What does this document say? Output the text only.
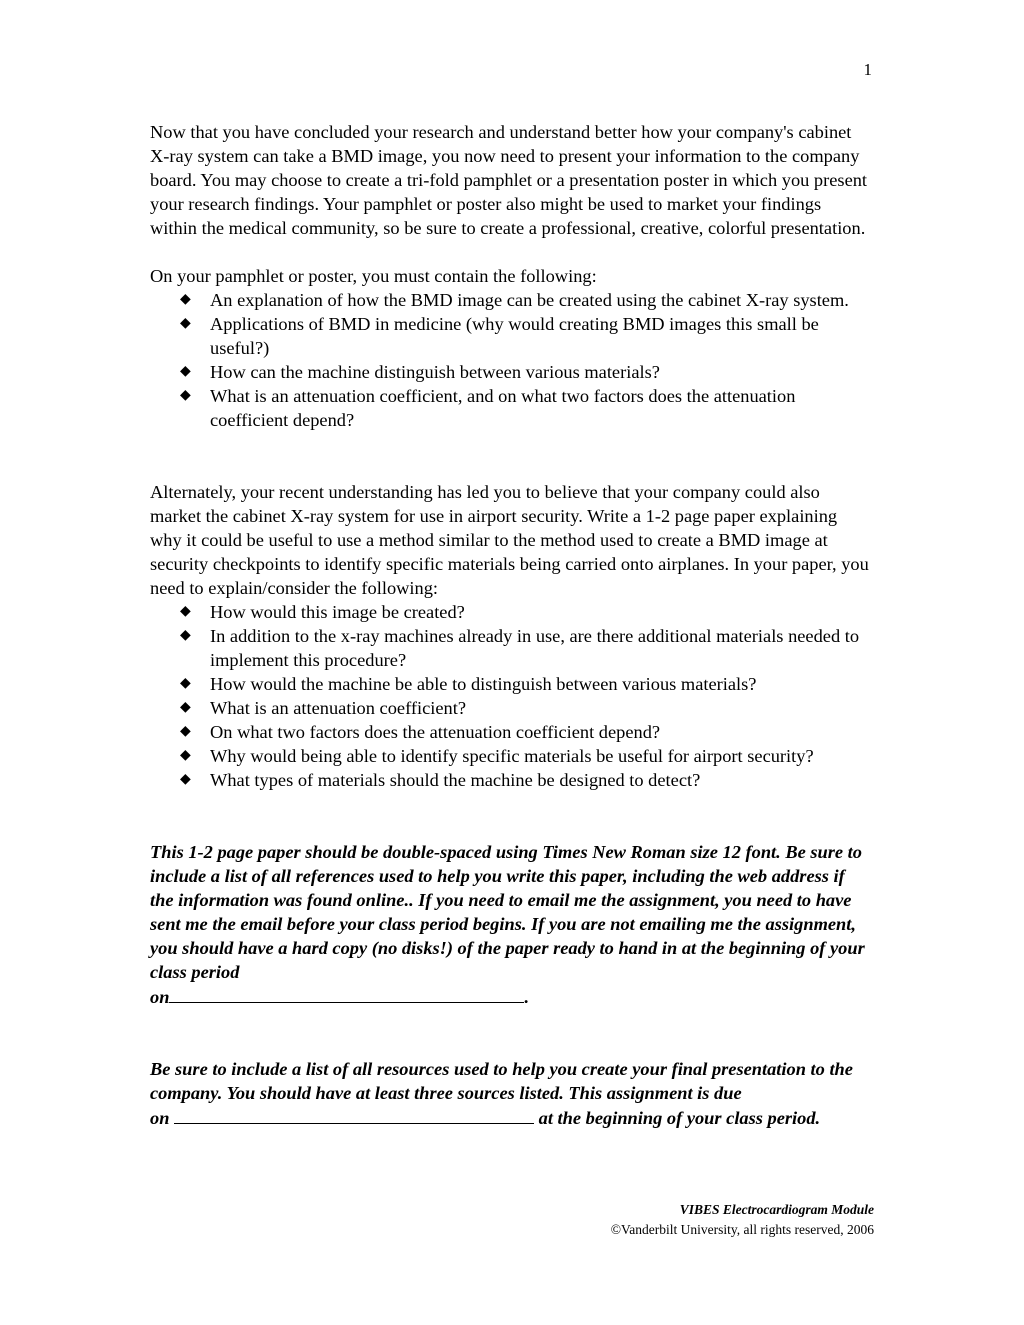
1

Now that you have concluded your research and understand better how your company's cabinet X-ray system can take a BMD image, you now need to present your information to the company board. You may choose to create a tri-fold pamphlet or a presentation poster in which you present your research findings. Your pamphlet or poster also might be used to market your findings within the medical community, so be sure to create a professional, creative, colorful presentation.

On your pamphlet or poster, you must contain the following:

◆ An explanation of how the BMD image can be created using the cabinet X-ray system.
◆ Applications of BMD in medicine (why would creating BMD images this small be useful?)
◆ How can the machine distinguish between various materials?
◆ What is an attenuation coefficient, and on what two factors does the attenuation coefficient depend?

Alternately, your recent understanding has led you to believe that your company could also market the cabinet X-ray system for use in airport security. Write a 1-2 page paper explaining why it could be useful to use a method similar to the method used to create a BMD image at security checkpoints to identify specific materials being carried onto airplanes. In your paper, you need to explain/consider the following:

◆ How would this image be created?
◆ In addition to the x-ray machines already in use, are there additional materials needed to implement this procedure?
◆ How would the machine be able to distinguish between various materials?
◆ What is an attenuation coefficient?
◆ On what two factors does the attenuation coefficient depend?
◆ Why would being able to identify specific materials be useful for airport security?
◆ What types of materials should the machine be designed to detect?

This 1-2 page paper should be double-spaced using Times New Roman size 12 font. Be sure to include a list of all references used to help you write this paper, including the web address if the information was found online.. If you need to email me the assignment, you need to have sent me the email before your class period begins. If you are not emailing me the assignment, you should have a hard copy (no disks!) of the paper ready to hand in at the beginning of your class period
on	.

Be sure to include a list of all resources used to help you create your final presentation to the company. You should have at least three sources listed. This assignment is due
on	at the beginning of your class period.

VIBES Electrocardiogram Module
©Vanderbilt University, all rights reserved, 2006
